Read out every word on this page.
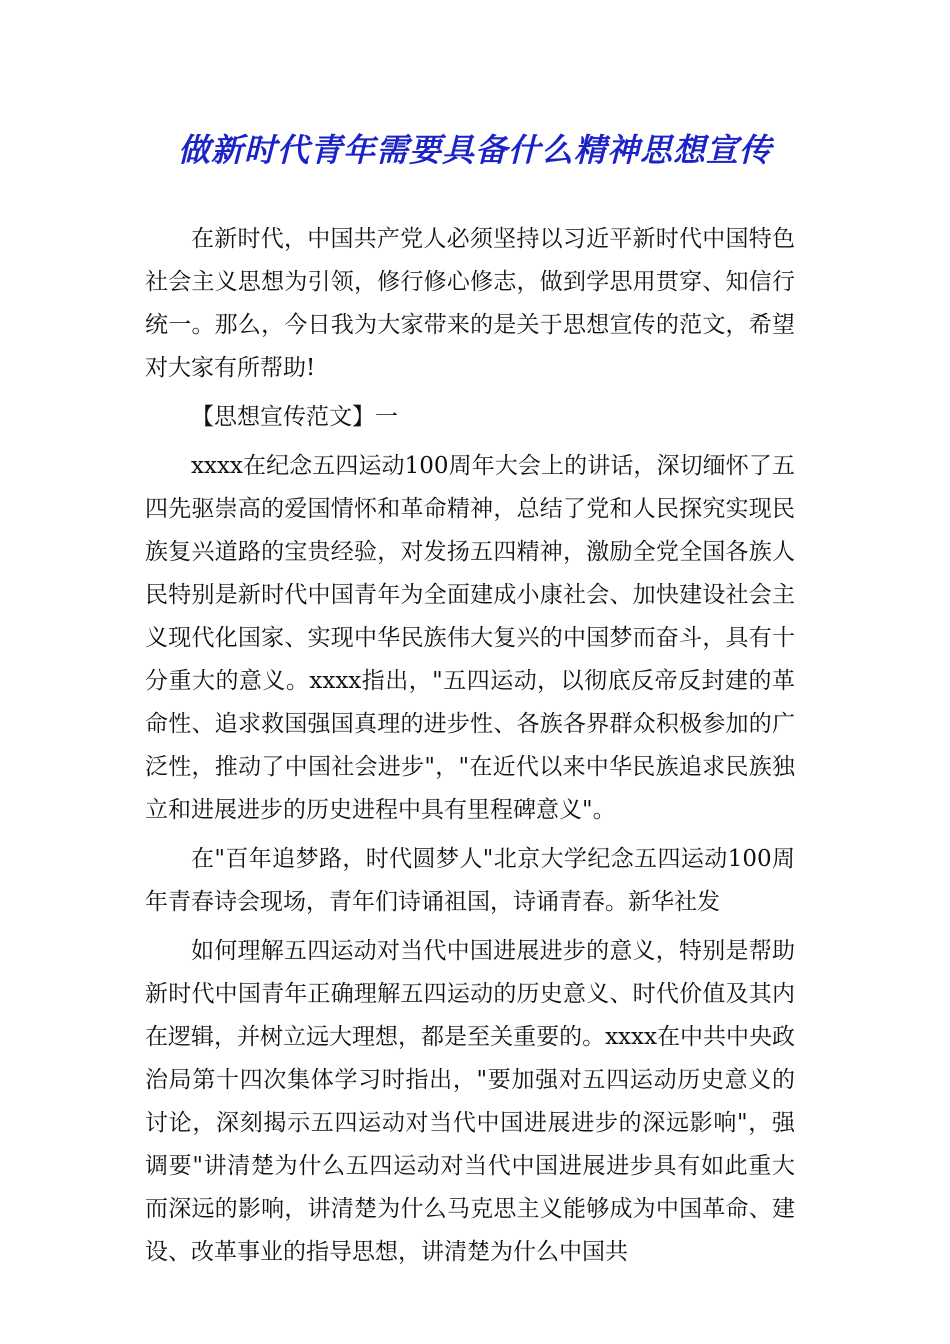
做新时代青年需要具备什么精神思想宣传

在新时代，中国共产党人必须坚持以习近平新时代中国特色社会主义思想为引领，修行修心修志，做到学思用贯穿、知信行统一。那么，今日我为大家带来的是关于思想宣传的范文，希望对大家有所帮助!

【思想宣传范文】一

xxxx在纪念五四运动100周年大会上的讲话，深切缅怀了五四先驱崇高的爱国情怀和革命精神，总结了党和人民探究实现民族复兴道路的宝贵经验，对发扬五四精神，激励全党全国各族人民特别是新时代中国青年为全面建成小康社会、加快建设社会主义现代化国家、实现中华民族伟大复兴的中国梦而奋斗，具有十分重大的意义。xxxx指出，"五四运动，以彻底反帝反封建的革命性、追求救国强国真理的进步性、各族各界群众积极参加的广泛性，推动了中国社会进步"，"在近代以来中华民族追求民族独立和进展进步的历史进程中具有里程碑意义"。

在"百年追梦路，时代圆梦人"北京大学纪念五四运动100周年青春诗会现场，青年们诗诵祖国，诗诵青春。新华社发

如何理解五四运动对当代中国进展进步的意义，特别是帮助新时代中国青年正确理解五四运动的历史意义、时代价值及其内在逻辑，并树立远大理想，都是至关重要的。xxxx在中共中央政治局第十四次集体学习时指出，"要加强对五四运动历史意义的讨论，深刻揭示五四运动对当代中国进展进步的深远影响"，强调要"讲清楚为什么五四运动对当代中国进展进步具有如此重大而深远的影响，讲清楚为什么马克思主义能够成为中国革命、建设、改革事业的指导思想，讲清楚为什么中国共
